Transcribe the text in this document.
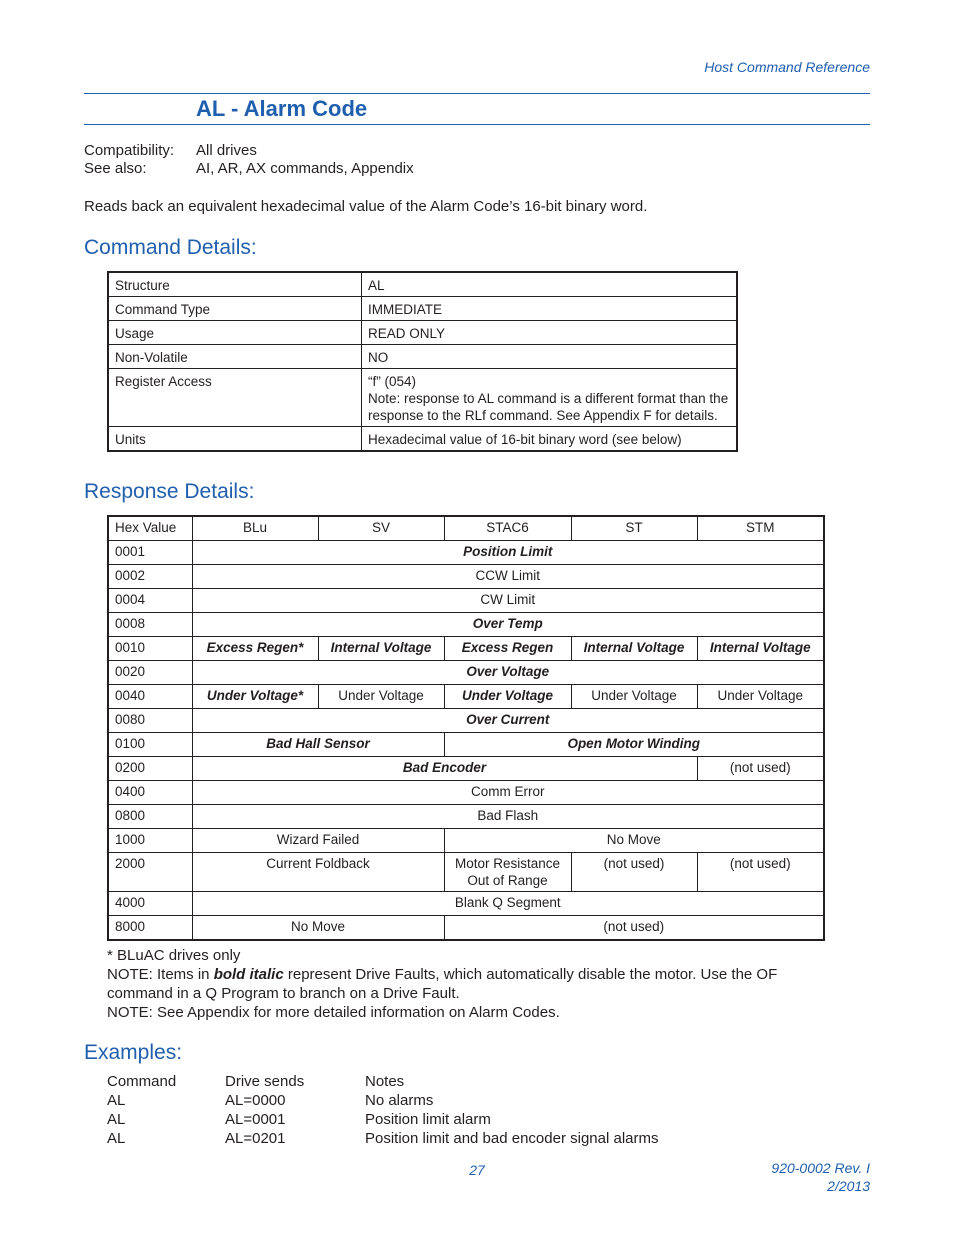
Host Command Reference
AL - Alarm Code
Compatibility:	All drives
See also:	AI, AR, AX commands, Appendix
Reads back an equivalent hexadecimal value of the Alarm Code’s 16-bit binary word.
Command Details:
Structure	AL
Command Type	IMMEDIATE
Usage	READ ONLY
Non-Volatile	NO
Register Access	“f” (054)
Note: response to AL command is a different format than the response to the RLf command. See Appendix F for details.

Units	Hexadecimal value of 16-bit binary word (see below)
Response Details:
Hex Value	BLu	SV	STAC6	ST	STM
0001	Position Limit				
0002	CCW Limit				
0004	CW Limit				
0008	Over Temp				
0010	Excess Regen*	Internal Voltage	Excess Regen	Internal Voltage	Internal Voltage
0020	Over Voltage				
0040	Under Voltage*	Under Voltage	Under Voltage	Under Voltage	Under Voltage
0080	Over Current				
0100	Bad Hall Sensor		Open Motor Winding		
0200	Bad Encoder				(not used)
0400	Comm Error				
0800	Bad Flash				
1000	Wizard Failed		No Move		
2000	Current Foldback		Motor Resistance
Out of Range	(not used)	(not used)
4000	Blank Q Segment				
8000	No Move		(not used)		
* BLuAC drives only
NOTE: Items in bold italic represent Drive Faults, which automatically disable the motor. Use the OF command in a Q Program to branch on a Drive Fault.
NOTE: See Appendix for more detailed information on Alarm Codes.
Examples:
Command	Drive sends	Notes
AL	AL=0000	No alarms
AL	AL=0001	Position limit alarm
AL	AL=0201	Position limit and bad encoder signal alarms
27	920-0002 Rev. I
2/2013
